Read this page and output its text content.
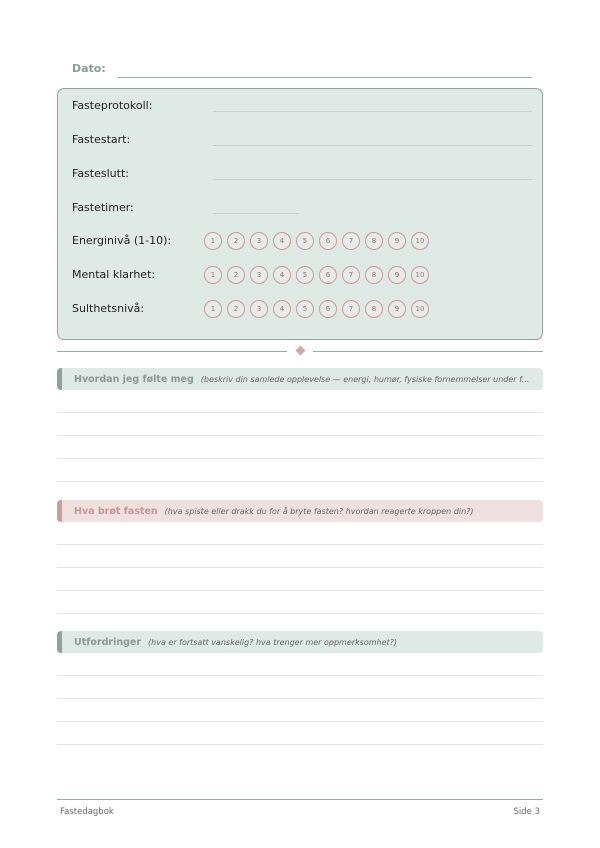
Dato:
Fasteprotokoll:
Fastestart:
Fasteslutt:
Fastetimer:
Energinivå (1-10):	1	2	3	4	5	6	7	8	9	10
Mental klarhet:	1	2	3	4	5	6	7	8	9	10
Sulthetsnivå:	1	2	3	4	5	6	7	8	9	10
Hvordan jeg følte meg (beskriv din samlede opplevelse — energi, humør, fysiske fornemmelser under f...
Hva brøt fasten (hva spiste eller drakk du for å bryte fasten? hvordan reagerte kroppen din?)
Utfordringer (hva er fortsatt vanskelig? hva trenger mer oppmerksomhet?)
Fastedagbok	Side 3
